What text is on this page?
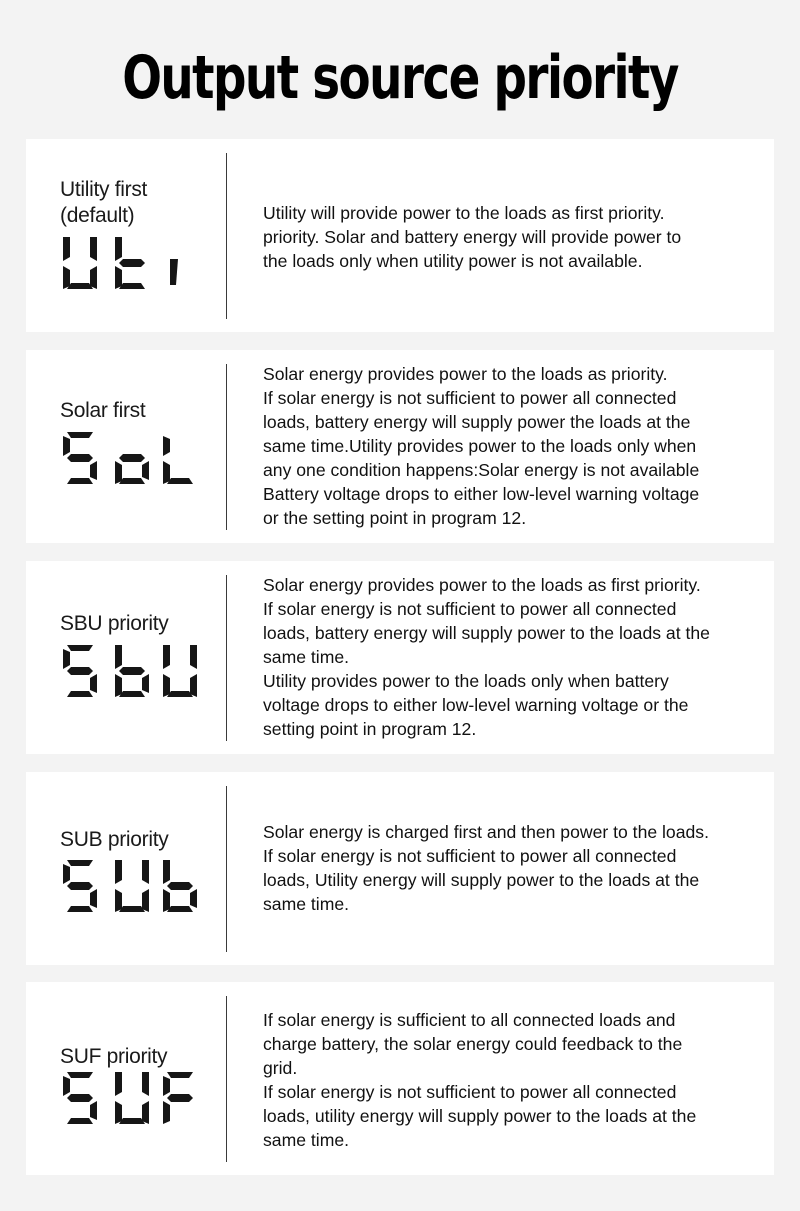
Output source priority

Utility first
(default)	Utility will provide power to the loads as first priority.
priority. Solar and battery energy will provide power to
the loads only when utility power is not available.

Solar first

Solar energy provides power to the loads as priority.
If solar energy is not sufficient to power all connected
loads, battery energy will supply power the loads at the
same time.Utility provides power to the loads only when
any one condition happens:Solar energy is not available
Battery voltage drops to either low-level warning voltage
or the setting point in program 12.

SBU priority

Solar energy provides power to the loads as first priority.
If solar energy is not sufficient to power all connected
loads, battery energy will supply power to the loads at the
same time.
Utility provides power to the loads only when battery
voltage drops to either low-level warning voltage or the
setting point in program 12.

SUB priority	Solar energy is charged first and then power to the loads.
If solar energy is not sufficient to power all connected
loads, Utility energy will supply power to the loads at the
same time.

SUF priority

If solar energy is sufficient to all connected loads and
charge battery, the solar energy could feedback to the
grid.
If solar energy is not sufficient to power all connected
loads, utility energy will supply power to the loads at the
same time.
